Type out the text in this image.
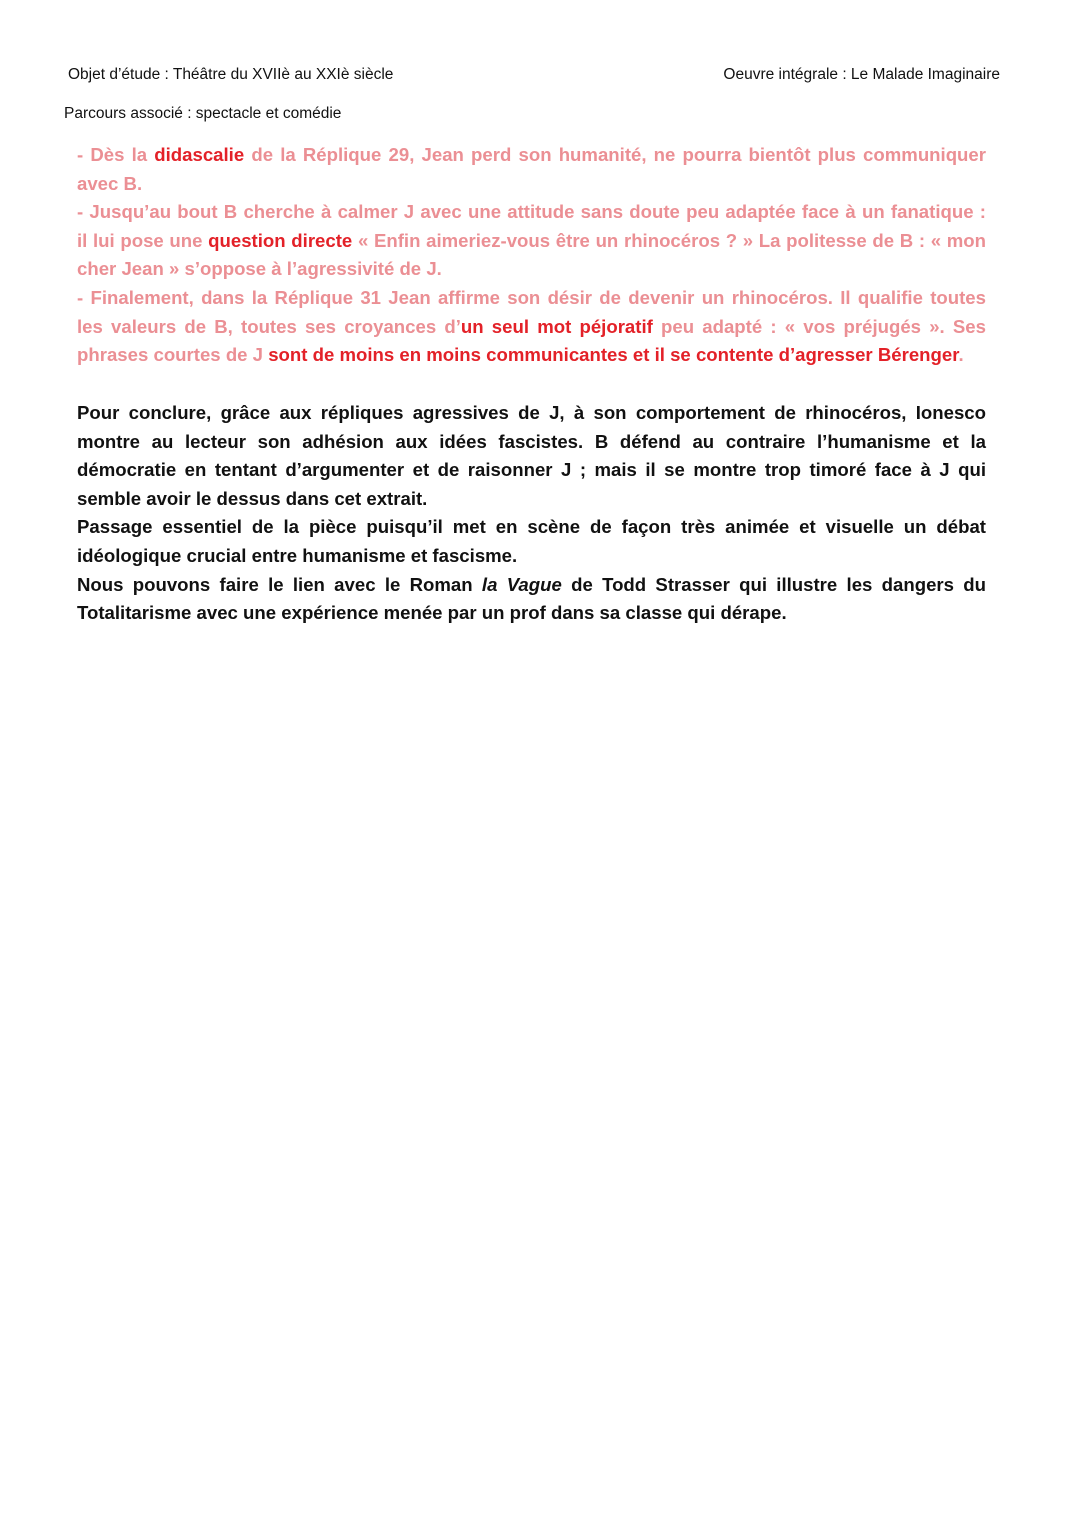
Objet d’étude : Théâtre du XVIIè au XXIè siècle	Oeuvre intégrale : Le Malade Imaginaire
Parcours associé : spectacle et comédie
- Dès la didascalie de la Réplique 29, Jean perd son humanité, ne pourra bientôt plus communiquer
avec B.
- Jusqu’au bout B cherche à calmer J avec une attitude sans doute peu adaptée face à un fanatique :
il lui pose une question directe « Enfin aimeriez-vous être un rhinocéros ? » La politesse de B : « mon
cher Jean » s’oppose à l’agressivité de J.
- Finalement, dans la Réplique 31 Jean affirme son désir de devenir un rhinocéros. Il qualifie toutes
les valeurs de B, toutes ses croyances d’un seul mot péjoratif peu adapté : « vos préjugés ». Ses
phrases courtes de J sont de moins en moins communicantes et il se contente d’agresser Bérenger.
Pour conclure, grâce aux répliques agressives de J, à son comportement de rhinocéros, Ionesco montre au lecteur son adhésion aux idées fascistes. B défend au contraire l’humanisme et la démocratie en tentant d’argumenter et de raisonner J ; mais il se montre trop timoré face à J qui semble avoir le dessus dans cet extrait.
Passage essentiel de la pièce puisqu’il met en scène de façon très animée et visuelle un débat idéologique crucial entre humanisme et fascisme.
Nous pouvons faire le lien avec le Roman la Vague de Todd Strasser qui illustre les dangers du Totalitarisme avec une expérience menée par un prof dans sa classe qui dérape.
